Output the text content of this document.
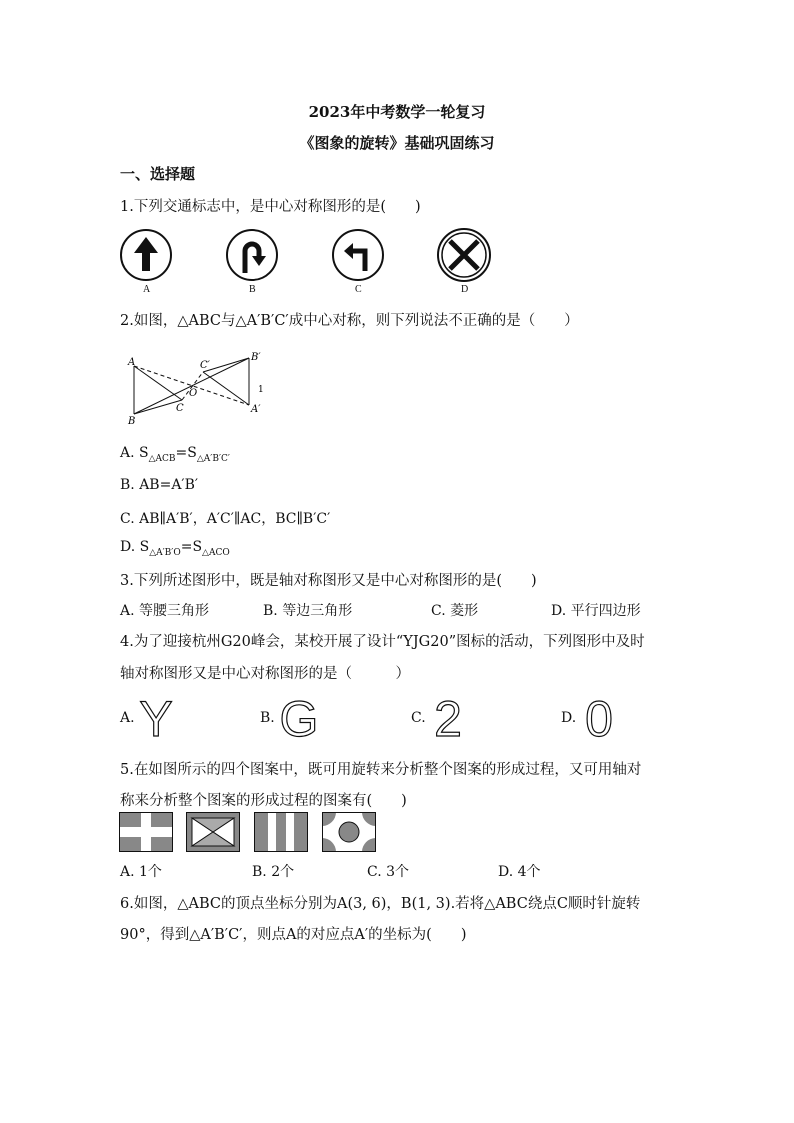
2023年中考数学一轮复习
《图象的旋转》基础巩固练习
一、选择题
1.下列交通标志中，是中心对称图形的是(　　)
A	B	C	D
2.如图，△ABC与△A′B′C′成中心对称，则下列说法不正确的是（　　）
A
B
C
O
A′
B′
C′
1
A. $S_{\triangle ACB}=S_{\triangle A'B'C'}$
B. AB=A′B′
C. AB∥A′B′，A′C′∥AC，BC∥B′C′
D. $S_{\triangle A'B'O}=S_{\triangle ACO}$
3.下列所述图形中，既是轴对称图形又是中心对称图形的是(　　)
A. 等腰三角形	B. 等边三角形	C. 菱形	D. 平行四边形
4.为了迎接杭州G20峰会，某校开展了设计“YJG20”图标的活动，下列图形中及时
轴对称图形又是中心对称图形的是（　　　）
A. Y	B. G	C. 2	D. 0
5.在如图所示的四个图案中，既可用旋转来分析整个图案的形成过程，又可用轴对
称来分析整个图案的形成过程的图案有(　　)
A. 1个	B. 2个	C. 3个	D. 4个
6.如图，△ABC的顶点坐标分别为A(3, 6)，B(1, 3).若将△ABC绕点C顺时针旋转
90°，得到△A′B′C′，则点A的对应点A′的坐标为(　　)
